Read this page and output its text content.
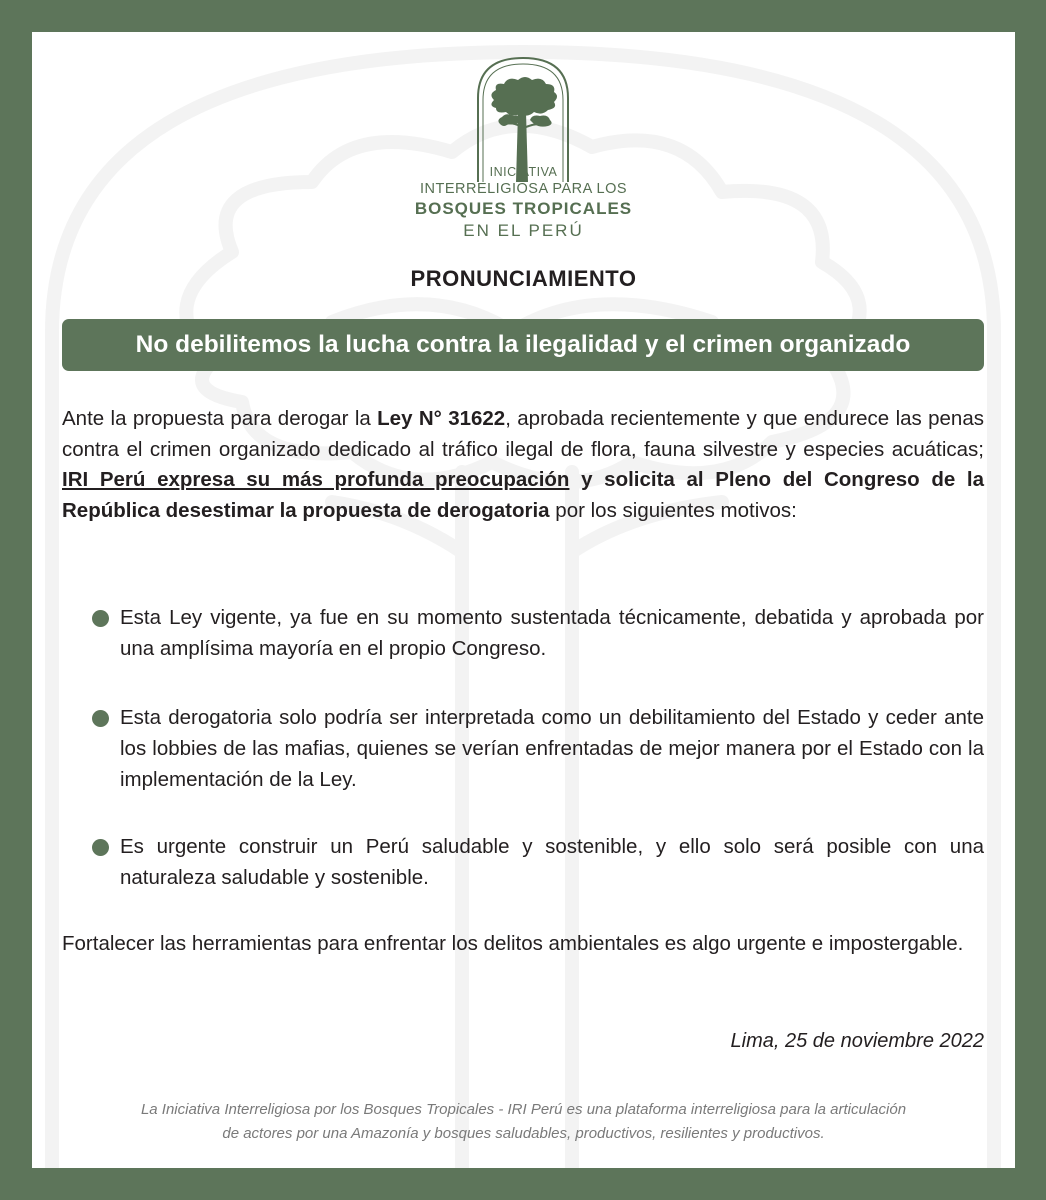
INICIATIVA
INTERRELIGIOSA PARA LOS
BOSQUES TROPICALES
EN EL PERÚ
PRONUNCIAMIENTO
No debilitemos la lucha contra la ilegalidad y el crimen organizado
Ante la propuesta para derogar la Ley N° 31622, aprobada recientemente y que endurece las penas contra el crimen organizado dedicado al tráfico ilegal de flora, fauna silvestre y especies acuáticas; IRI Perú expresa su más profunda preocupación y solicita al Pleno del Congreso de la República desestimar la propuesta de derogatoria por los siguientes motivos:
Esta Ley vigente, ya fue en su momento sustentada técnicamente, debatida y aprobada por una amplísima mayoría en el propio Congreso.
Esta derogatoria solo podría ser interpretada como un debilitamiento del Estado y ceder ante los lobbies de las mafias, quienes se verían enfrentadas de mejor manera por el Estado con la implementación de la Ley.
Es urgente construir un Perú saludable y sostenible, y ello solo será posible con una naturaleza saludable y sostenible.
Fortalecer las herramientas para enfrentar los delitos ambientales es algo urgente e impostergable.
Lima, 25 de noviembre 2022
La Iniciativa Interreligiosa por los Bosques Tropicales - IRI Perú es una plataforma interreligiosa para la articulación
de actores por una Amazonía y bosques saludables, productivos, resilientes y productivos.
